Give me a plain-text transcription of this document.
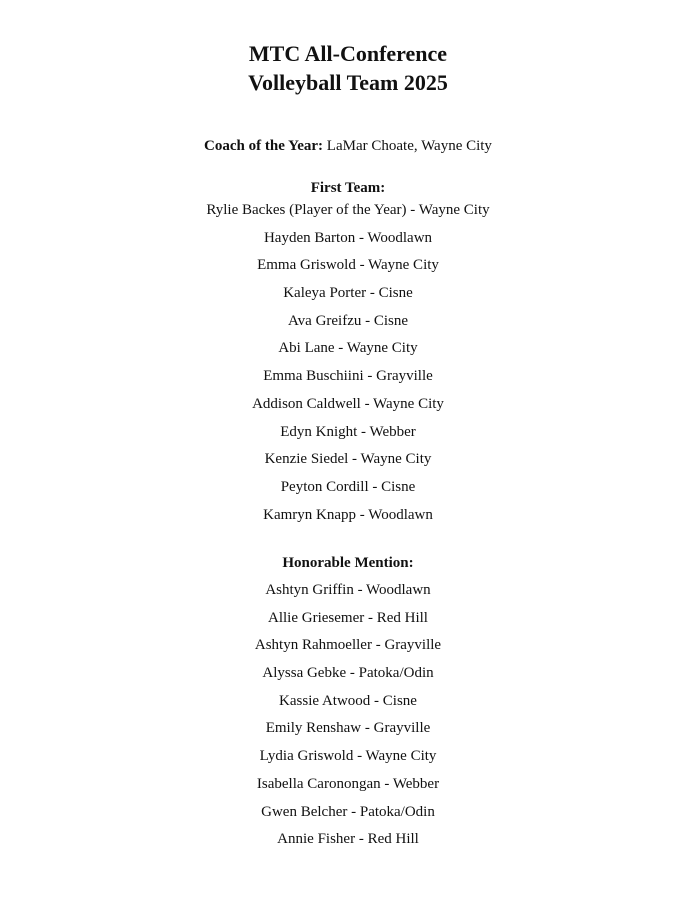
MTC All-Conference
Volleyball Team 2025
Coach of the Year: LaMar Choate, Wayne City
First Team:
Rylie Backes (Player of the Year) - Wayne City
Hayden Barton - Woodlawn
Emma Griswold - Wayne City
Kaleya Porter - Cisne
Ava Greifzu - Cisne
Abi Lane - Wayne City
Emma Buschiini - Grayville
Addison Caldwell - Wayne City
Edyn Knight - Webber
Kenzie Siedel - Wayne City
Peyton Cordill - Cisne
Kamryn Knapp - Woodlawn
Honorable Mention:
Ashtyn Griffin - Woodlawn
Allie Griesemer - Red Hill
Ashtyn Rahmoeller - Grayville
Alyssa Gebke - Patoka/Odin
Kassie Atwood - Cisne
Emily Renshaw - Grayville
Lydia Griswold - Wayne City
Isabella Caronongan - Webber
Gwen Belcher - Patoka/Odin
Annie Fisher - Red Hill
